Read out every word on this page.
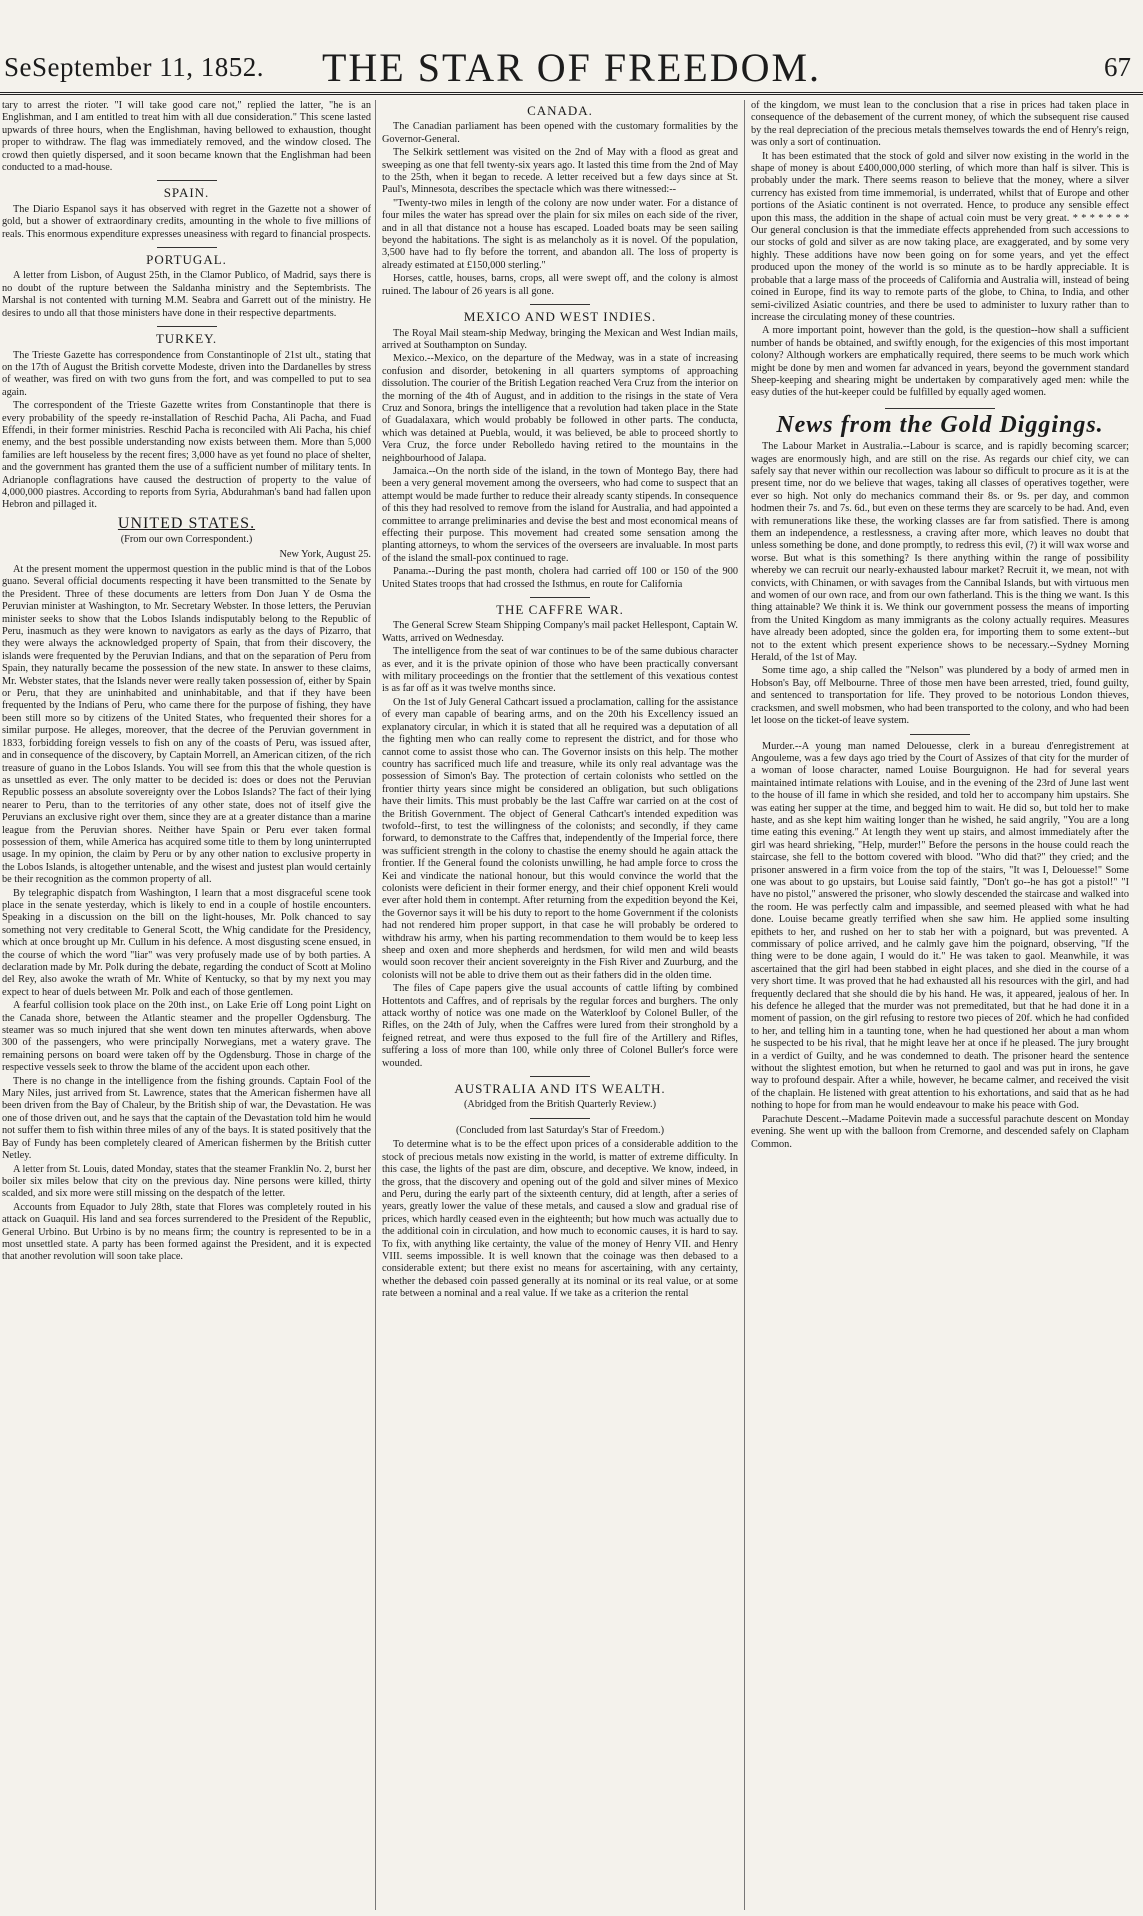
SeSeptember 11, 1852.	THE STAR OF FREEDOM.	67

tary to arrest the rioter. "I will take good care not," replied the latter, "he is an Englishman, and I am entitled to treat him with all due consideration." This scene lasted upwards of three hours, when the Englishman, having bellowed to exhaustion, thought proper to withdraw. The flag was immediately removed, and the window closed. The crowd then quietly dispersed, and it soon became known that the Englishman had been conducted to a mad-house.

SPAIN.

The Diario Espanol says it has observed with regret in the Gazette not a shower of gold, but a shower of extraordinary credits, amounting in the whole to five millions of reals. This enormous expenditure expresses uneasiness with regard to financial prospects.

PORTUGAL.

A letter from Lisbon, of August 25th, in the Clamor Publico, of Madrid, says there is no doubt of the rupture between the Saldanha ministry and the Septembrists. The Marshal is not contented with turning M.M. Seabra and Garrett out of the ministry. He desires to undo all that those ministers have done in their respective departments.

TURKEY.

The Trieste Gazette has correspondence from Constantinople of 21st ult., stating that on the 17th of August the British corvette Modeste, driven into the Dardanelles by stress of weather, was fired on with two guns from the fort, and was compelled to put to sea again.

The correspondent of the Trieste Gazette writes from Constantinople that there is every probability of the speedy re-installation of Reschid Pacha, Ali Pacha, and Fuad Effendi, in their former ministries. Reschid Pacha is reconciled with Ali Pacha, his chief enemy, and the best possible understanding now exists between them. More than 5,000 families are left houseless by the recent fires; 3,000 have as yet found no place of shelter, and the government has granted them the use of a sufficient number of military tents. In Adrianople conflagrations have caused the destruction of property to the value of 4,000,000 piastres. According to reports from Syria, Abdurahman's band had fallen upon Hebron and pillaged it.

UNITED STATES.
(From our own Correspondent.)
New York, August 25.

At the present moment the uppermost question in the public mind is that of the Lobos guano. Several official documents respecting it have been transmitted to the Senate by the President. Three of these documents are letters from Don Juan Y de Osma the Peruvian minister at Washington, to Mr. Secretary Webster. In those letters, the Peruvian minister seeks to show that the Lobos Islands indisputably belong to the Republic of Peru, inasmuch as they were known to navigators as early as the days of Pizarro, that they were always the acknowledged property of Spain, that from their discovery, the islands were frequented by the Peruvian Indians, and that on the separation of Peru from Spain, they naturally became the possession of the new state. In answer to these claims, Mr. Webster states, that the Islands never were really taken possession of, either by Spain or Peru, that they are uninhabited and uninhabitable, and that if they have been frequented by the Indians of Peru, who came there for the purpose of fishing, they have been still more so by citizens of the United States, who frequented their shores for a similar purpose. He alleges, moreover, that the decree of the Peruvian government in 1833, forbidding foreign vessels to fish on any of the coasts of Peru, was issued after, and in consequence of the discovery, by Captain Morrell, an American citizen, of the rich treasure of guano in the Lobos Islands. You will see from this that the whole question is as unsettled as ever. The only matter to be decided is: does or does not the Peruvian Republic possess an absolute sovereignty over the Lobos Islands? The fact of their lying nearer to Peru, than to the territories of any other state, does not of itself give the Peruvians an exclusive right over them, since they are at a greater distance than a marine league from the Peruvian shores. Neither have Spain or Peru ever taken formal possession of them, while America has acquired some title to them by long uninterrupted usage. In my opinion, the claim by Peru or by any other nation to exclusive property in the Lobos Islands, is altogether untenable, and the wisest and justest plan would certainly be their recognition as the common property of all.

By telegraphic dispatch from Washington, I learn that a most disgraceful scene took place in the senate yesterday, which is likely to end in a couple of hostile encounters. Speaking in a discussion on the bill on the light-houses, Mr. Polk chanced to say something not very creditable to General Scott, the Whig candidate for the Presidency, which at once brought up Mr. Cullum in his defence. A most disgusting scene ensued, in the course of which the word "liar" was very profusely made use of by both parties. A declaration made by Mr. Polk during the debate, regarding the conduct of Scott at Molino del Rey, also awoke the wrath of Mr. White of Kentucky, so that by my next you may expect to hear of duels between Mr. Polk and each of those gentlemen.

A fearful collision took place on the 20th inst., on Lake Erie off Long point Light on the Canada shore, between the Atlantic steamer and the propeller Ogdensburg. The steamer was so much injured that she went down ten minutes afterwards, when above 300 of the passengers, who were principally Norwegians, met a watery grave. The remaining persons on board were taken off by the Ogdensburg. Those in charge of the respective vessels seek to throw the blame of the accident upon each other.

There is no change in the intelligence from the fishing grounds. Captain Fool of the Mary Niles, just arrived from St. Lawrence, states that the American fishermen have all been driven from the Bay of Chaleur, by the British ship of war, the Devastation. He was one of those driven out, and he says that the captain of the Devastation told him he would not suffer them to fish within three miles of any of the bays. It is stated positively that the Bay of Fundy has been completely cleared of American fishermen by the British cutter Netley.

A letter from St. Louis, dated Monday, states that the steamer Franklin No. 2, burst her boiler six miles below that city on the previous day. Nine persons were killed, thirty scalded, and six more were still missing on the despatch of the letter.

Accounts from Equador to July 28th, state that Flores was completely routed in his attack on Guaquil. His land and sea forces surrendered to the President of the Republic, General Urbino. But Urbino is by no means firm; the country is represented to be in a most unsettled state. A party has been formed against the President, and it is expected that another revolution will soon take place.

CANADA.

The Canadian parliament has been opened with the customary formalities by the Governor-General.

The Selkirk settlement was visited on the 2nd of May with a flood as great and sweeping as one that fell twenty-six years ago. It lasted this time from the 2nd of May to the 25th, when it began to recede. A letter received but a few days since at St. Paul's, Minnesota, describes the spectacle which was there witnessed:--

"Twenty-two miles in length of the colony are now under water. For a distance of four miles the water has spread over the plain for six miles on each side of the river, and in all that distance not a house has escaped. Loaded boats may be seen sailing beyond the habitations. The sight is as melancholy as it is novel. Of the population, 3,500 have had to fly before the torrent, and abandon all. The loss of property is already estimated at £150,000 sterling."

Horses, cattle, houses, barns, crops, all were swept off, and the colony is almost ruined. The labour of 26 years is all gone.

MEXICO AND WEST INDIES.

The Royal Mail steam-ship Medway, bringing the Mexican and West Indian mails, arrived at Southampton on Sunday.

Mexico.--Mexico, on the departure of the Medway, was in a state of increasing confusion and disorder, betokening in all quarters symptoms of approaching dissolution. The courier of the British Legation reached Vera Cruz from the interior on the morning of the 4th of August, and in addition to the risings in the state of Vera Cruz and Sonora, brings the intelligence that a revolution had taken place in the State of Guadalaxara, which would probably be followed in other parts. The conducta, which was detained at Puebla, would, it was believed, be able to proceed shortly to Vera Cruz, the force under Rebolledo having retired to the mountains in the neighbourhood of Jalapa.

Jamaica.--On the north side of the island, in the town of Montego Bay, there had been a very general movement among the overseers, who had come to suspect that an attempt would be made further to reduce their already scanty stipends. In consequence of this they had resolved to remove from the island for Australia, and had appointed a committee to arrange preliminaries and devise the best and most economical means of effecting their purpose. This movement had created some sensation among the planting attorneys, to whom the services of the overseers are invaluable. In most parts of the island the small-pox continued to rage.

Panama.--During the past month, cholera had carried off 100 or 150 of the 900 United States troops that had crossed the Isthmus, en route for California

THE CAFFRE WAR.

The General Screw Steam Shipping Company's mail packet Hellespont, Captain W. Watts, arrived on Wednesday.

The intelligence from the seat of war continues to be of the same dubious character as ever, and it is the private opinion of those who have been practically conversant with military proceedings on the frontier that the settlement of this vexatious contest is as far off as it was twelve months since.

On the 1st of July General Cathcart issued a proclamation, calling for the assistance of every man capable of bearing arms, and on the 20th his Excellency issued an explanatory circular, in which it is stated that all he required was a deputation of all the fighting men who can really come to represent the district, and for those who cannot come to assist those who can. The Governor insists on this help. The mother country has sacrificed much life and treasure, while its only real advantage was the possession of Simon's Bay. The protection of certain colonists who settled on the frontier thirty years since might be considered an obligation, but such obligations have their limits. This must probably be the last Caffre war carried on at the cost of the British Government. The object of General Cathcart's intended expedition was twofold--first, to test the willingness of the colonists; and secondly, if they came forward, to demonstrate to the Caffres that, independently of the Imperial force, there was sufficient strength in the colony to chastise the enemy should he again attack the frontier. If the General found the colonists unwilling, he had ample force to cross the Kei and vindicate the national honour, but this would convince the world that the colonists were deficient in their former energy, and their chief opponent Kreli would ever after hold them in contempt. After returning from the expedition beyond the Kei, the Governor says it will be his duty to report to the home Government if the colonists had not rendered him proper support, in that case he will probably be ordered to withdraw his army, when his parting recommendation to them would be to keep less sheep and oxen and more shepherds and herdsmen, for wild men and wild beasts would soon recover their ancient sovereignty in the Fish River and Zuurburg, and the colonists will not be able to drive them out as their fathers did in the olden time.

The files of Cape papers give the usual accounts of cattle lifting by combined Hottentots and Caffres, and of reprisals by the regular forces and burghers. The only attack worthy of notice was one made on the Waterkloof by Colonel Buller, of the Rifles, on the 24th of July, when the Caffres were lured from their stronghold by a feigned retreat, and were thus exposed to the full fire of the Artillery and Rifles, suffering a loss of more than 100, while only three of Colonel Buller's force were wounded.

AUSTRALIA AND ITS WEALTH.
(Abridged from the British Quarterly Review.)
(Concluded from last Saturday's Star of Freedom.)

To determine what is to be the effect upon prices of a considerable addition to the stock of precious metals now existing in the world, is matter of extreme difficulty. In this case, the lights of the past are dim, obscure, and deceptive. We know, indeed, in the gross, that the discovery and opening out of the gold and silver mines of Mexico and Peru, during the early part of the sixteenth century, did at length, after a series of years, greatly lower the value of these metals, and caused a slow and gradual rise of prices, which hardly ceased even in the eighteenth; but how much was actually due to the additional coin in circulation, and how much to economic causes, it is hard to say. To fix, with anything like certainty, the value of the money of Henry VII. and Henry VIII. seems impossible. It is well known that the coinage was then debased to a considerable extent; but there exist no means for ascertaining, with any certainty, whether the debased coin passed generally at its nominal or its real value, or at some rate between a nominal and a real value. If we take as a criterion the rental

of the kingdom, we must lean to the conclusion that a rise in prices had taken place in consequence of the debasement of the current money, of which the subsequent rise caused by the real depreciation of the precious metals themselves towards the end of Henry's reign, was only a sort of continuation.

It has been estimated that the stock of gold and silver now existing in the world in the shape of money is about £400,000,000 sterling, of which more than half is silver. This is probably under the mark. There seems reason to believe that the money, where a silver currency has existed from time immemorial, is underrated, whilst that of Europe and other portions of the Asiatic continent is not overrated. Hence, to produce any sensible effect upon this mass, the addition in the shape of actual coin must be very great. * * * * * * * Our general conclusion is that the immediate effects apprehended from such accessions to our stocks of gold and silver as are now taking place, are exaggerated, and by some very highly. These additions have now been going on for some years, and yet the effect produced upon the money of the world is so minute as to be hardly appreciable. It is probable that a large mass of the proceeds of California and Australia will, instead of being coined in Europe, find its way to remote parts of the globe, to China, to India, and other semi-civilized Asiatic countries, and there be used to administer to luxury rather than to increase the circulating money of these countries.

A more important point, however than the gold, is the question--how shall a sufficient number of hands be obtained, and swiftly enough, for the exigencies of this most important colony? Although workers are emphatically required, there seems to be much work which might be done by men and women far advanced in years, beyond the government standard Sheep-keeping and shearing might be undertaken by comparatively aged men: while the easy duties of the hut-keeper could be fulfilled by equally aged women.

News from the Gold Diggings.

The Labour Market in Australia.--Labour is scarce, and is rapidly becoming scarcer; wages are enormously high, and are still on the rise. As regards our chief city, we can safely say that never within our recollection was labour so difficult to procure as it is at the present time, nor do we believe that wages, taking all classes of operatives together, were ever so high. Not only do mechanics command their 8s. or 9s. per day, and common hodmen their 7s. and 7s. 6d., but even on these terms they are scarcely to be had. And, even with remunerations like these, the working classes are far from satisfied. There is among them an independence, a restlessness, a craving after more, which leaves no doubt that unless something be done, and done promptly, to redress this evil, (?) it will wax worse and worse. But what is this something? Is there anything within the range of possibility whereby we can recruit our nearly-exhausted labour market? Recruit it, we mean, not with convicts, with Chinamen, or with savages from the Cannibal Islands, but with virtuous men and women of our own race, and from our own fatherland. This is the thing we want. Is this thing attainable? We think it is. We think our government possess the means of importing from the United Kingdom as many immigrants as the colony actually requires. Measures have already been adopted, since the golden era, for importing them to some extent--but not to the extent which present experience shows to be necessary.--Sydney Morning Herald, of the 1st of May.

Some time ago, a ship called the "Nelson" was plundered by a body of armed men in Hobson's Bay, off Melbourne. Three of those men have been arrested, tried, found guilty, and sentenced to transportation for life. They proved to be notorious London thieves, cracksmen, and swell mobsmen, who had been transported to the colony, and who had been let loose on the ticket-of leave system.

Murder.--A young man named Delouesse, clerk in a bureau d'enregistrement at Angouleme, was a few days ago tried by the Court of Assizes of that city for the murder of a woman of loose character, named Louise Bourguignon. He had for several years maintained intimate relations with Louise, and in the evening of the 23rd of June last went to the house of ill fame in which she resided, and told her to accompany him upstairs. She was eating her supper at the time, and begged him to wait. He did so, but told her to make haste, and as she kept him waiting longer than he wished, he said angrily, "You are a long time eating this evening." At length they went up stairs, and almost immediately after the girl was heard shrieking, "Help, murder!" Before the persons in the house could reach the staircase, she fell to the bottom covered with blood. "Who did that?" they cried; and the prisoner answered in a firm voice from the top of the stairs, "It was I, Delouesse!" Some one was about to go upstairs, but Louise said faintly, "Don't go--he has got a pistol!" "I have no pistol," answered the prisoner, who slowly descended the staircase and walked into the room. He was perfectly calm and impassible, and seemed pleased with what he had done. Louise became greatly terrified when she saw him. He applied some insulting epithets to her, and rushed on her to stab her with a poignard, but was prevented. A commissary of police arrived, and he calmly gave him the poignard, observing, "If the thing were to be done again, I would do it." He was taken to gaol. Meanwhile, it was ascertained that the girl had been stabbed in eight places, and she died in the course of a very short time. It was proved that he had exhausted all his resources with the girl, and had frequently declared that she should die by his hand. He was, it appeared, jealous of her. In his defence he alleged that the murder was not premeditated, but that he had done it in a moment of passion, on the girl refusing to restore two pieces of 20f. which he had confided to her, and telling him in a taunting tone, when he had questioned her about a man whom he suspected to be his rival, that he might leave her at once if he pleased. The jury brought in a verdict of Guilty, and he was condemned to death. The prisoner heard the sentence without the slightest emotion, but when he returned to gaol and was put in irons, he gave way to profound despair. After a while, however, he became calmer, and received the visit of the chaplain. He listened with great attention to his exhortations, and said that as he had nothing to hope for from man he would endeavour to make his peace with God.

Parachute Descent.--Madame Poitevin made a successful parachute descent on Monday evening. She went up with the balloon from Cremorne, and descended safely on Clapham Common.
